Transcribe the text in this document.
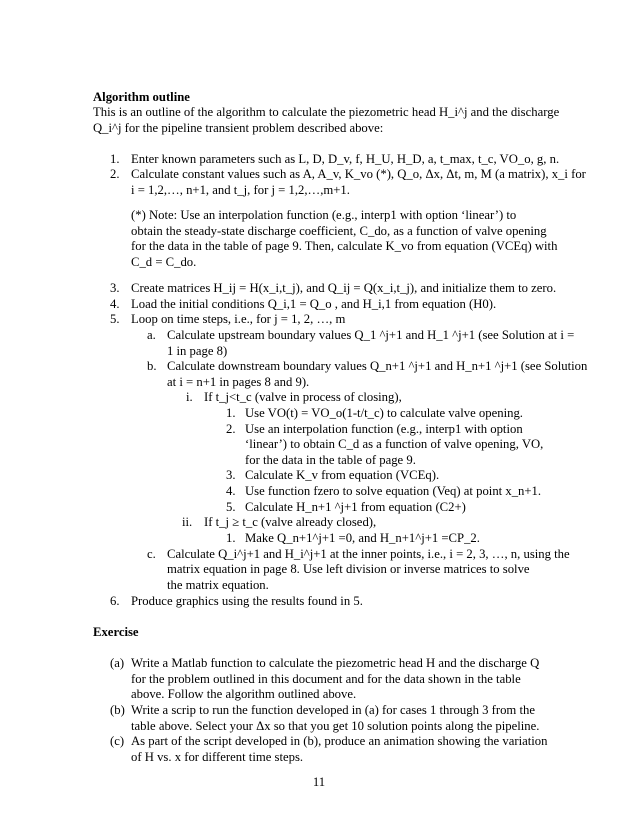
Algorithm outline
This is an outline of the algorithm to calculate the piezometric head H_i^j and the discharge
Q_i^j for the pipeline transient problem described above:
1. Enter known parameters such as L, D, D_v, f, H_U, H_D, a, t_max, t_c, VO_o, g, n.
2. Calculate constant values such as A, A_v, K_vo (*), Q_o, Δx, Δt, m, M (a matrix), x_i for
i = 1,2,…, n+1, and t_j, for j = 1,2,…,m+1.
(*) Note: Use an interpolation function (e.g., interp1 with option ‘linear’) to
obtain the steady-state discharge coefficient, C_do, as a function of valve opening
for the data in the table of page 9. Then, calculate K_vo from equation (VCEq) with
C_d = C_do.
3. Create matrices H_ij = H(x_i,t_j), and Q_ij = Q(x_i,t_j), and initialize them to zero.
4. Load the initial conditions Q_i,1 = Q_o , and H_i,1 from equation (H0).
5. Loop on time steps, i.e., for j = 1, 2, …, m
a. Calculate upstream boundary values Q_1 ^j+1 and H_1 ^j+1 (see Solution at i =
1 in page 8)
b. Calculate downstream boundary values Q_n+1 ^j+1 and H_n+1 ^j+1 (see Solution
at i = n+1 in pages 8 and 9).
i. If t_j<t_c (valve in process of closing),
1. Use VO(t) = VO_o(1-t/t_c) to calculate valve opening.
2. Use an interpolation function (e.g., interp1 with option
‘linear’) to obtain C_d as a function of valve opening, VO,
for the data in the table of page 9.
3. Calculate K_v from equation (VCEq).
4. Use function fzero to solve equation (Veq) at point x_n+1.
5. Calculate H_n+1 ^j+1 from equation (C2+)
ii. If t_j ≥ t_c (valve already closed),
1. Make Q_n+1^j+1 =0, and H_n+1^j+1 =CP_2.
c. Calculate Q_i^j+1 and H_i^j+1 at the inner points, i.e., i = 2, 3, …, n, using the
matrix equation in page 8. Use left division or inverse matrices to solve
the matrix equation.
6. Produce graphics using the results found in 5.
Exercise
(a) Write a Matlab function to calculate the piezometric head H and the discharge Q
for the problem outlined in this document and for the data shown in the table
above. Follow the algorithm outlined above.
(b) Write a scrip to run the function developed in (a) for cases 1 through 3 from the
table above. Select your Δx so that you get 10 solution points along the pipeline.
(c) As part of the script developed in (b), produce an animation showing the variation
of H vs. x for different time steps.
11
